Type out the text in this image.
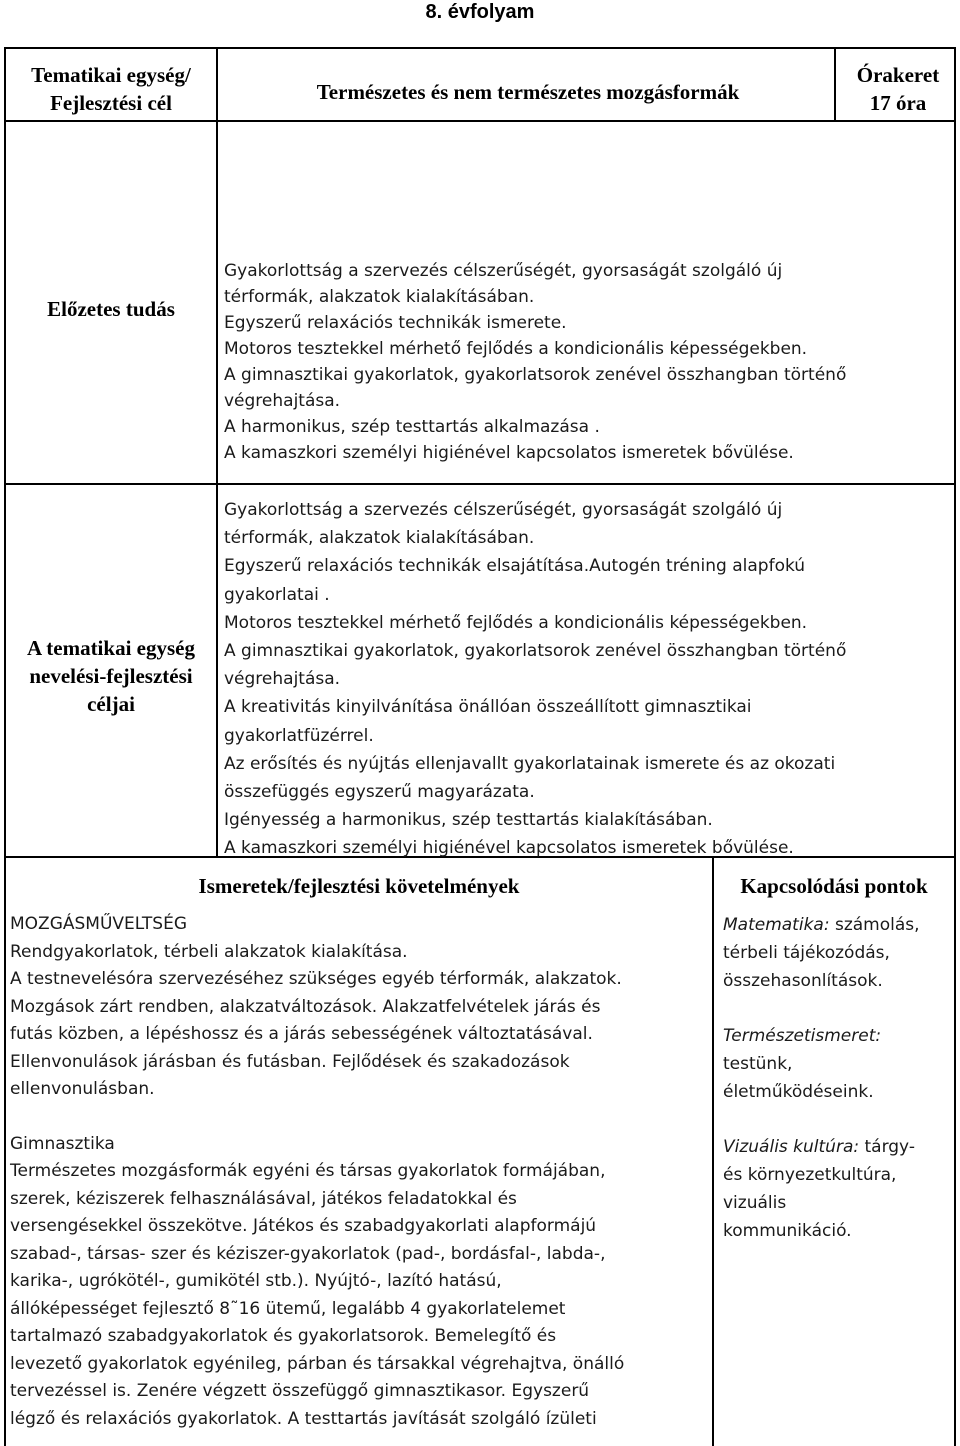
8. évfolyam
Tematikai egység/
Fejlesztési cél	Természetes és nem természetes mozgásformák
Órakeret
17 óra
Előzetes tudás
Gyakorlottság a szervezés célszerűségét, gyorsaságát szolgáló új
térformák, alakzatok kialakításában.
Egyszerű relaxációs technikák ismerete.
Motoros tesztekkel mérhető fejlődés a kondicionális képességekben.
A gimnasztikai gyakorlatok, gyakorlatsorok zenével összhangban történő
végrehajtása.
A harmonikus, szép testtartás alkalmazása .
A kamaszkori személyi higiénével kapcsolatos ismeretek bővülése.
A tematikai egység
nevelési-fejlesztési
céljai
Gyakorlottság a szervezés célszerűségét, gyorsaságát szolgáló új
térformák, alakzatok kialakításában.
Egyszerű relaxációs technikák elsajátítása.Autogén tréning alapfokú
gyakorlatai .
Motoros tesztekkel mérhető fejlődés a kondicionális képességekben.
A gimnasztikai gyakorlatok, gyakorlatsorok zenével összhangban történő
végrehajtása.
A kreativitás kinyilvánítása önállóan összeállított gimnasztikai
gyakorlatfüzérrel.
Az erősítés és nyújtás ellenjavallt gyakorlatainak ismerete és az okozati
összefüggés egyszerű magyarázata.
Igényesség a harmonikus, szép testtartás kialakításában.
A kamaszkori személyi higiénével kapcsolatos ismeretek bővülése.
Ismeretek/fejlesztési követelmények	Kapcsolódási pontok
MOZGÁSMŰVELTSÉG
Rendgyakorlatok, térbeli alakzatok kialakítása.
A testnevelésóra szervezéséhez szükséges egyéb térformák, alakzatok.
Mozgások zárt rendben, alakzatváltozások. Alakzatfelvételek járás és
futás közben, a lépéshossz és a járás sebességének változtatásával.
Ellenvonulások járásban és futásban. Fejlődések és szakadozások
ellenvonulásban.
Gimnasztika
Természetes mozgásformák egyéni és társas gyakorlatok formájában,
szerek, kéziszerek felhasználásával, játékos feladatokkal és
versengésekkel összekötve. Játékos és szabadgyakorlati alapformájú
szabad-, társas- szer és kéziszer-gyakorlatok (pad-, bordásfal-, labda-,
karika-, ugrókötél-, gumikötél stb.). Nyújtó-, lazító hatású,
állóképességet fejlesztő 8˜16 ütemű, legalább 4 gyakorlatelemet
tartalmazó szabadgyakorlatok és gyakorlatsorok. Bemelegítő és
levezető gyakorlatok egyénileg, párban és társakkal végrehajtva, önálló
tervezéssel is. Zenére végzett összefüggő gimnasztikasor. Egyszerű
légző és relaxációs gyakorlatok. A testtartás javítását szolgáló ízületi
Matematika: számolás,
térbeli tájékozódás,
összehasonlítások.
Természetismeret:
testünk,
életműködéseink.
Vizuális kultúra: tárgy-
és környezetkultúra,
vizuális
kommunikáció.
